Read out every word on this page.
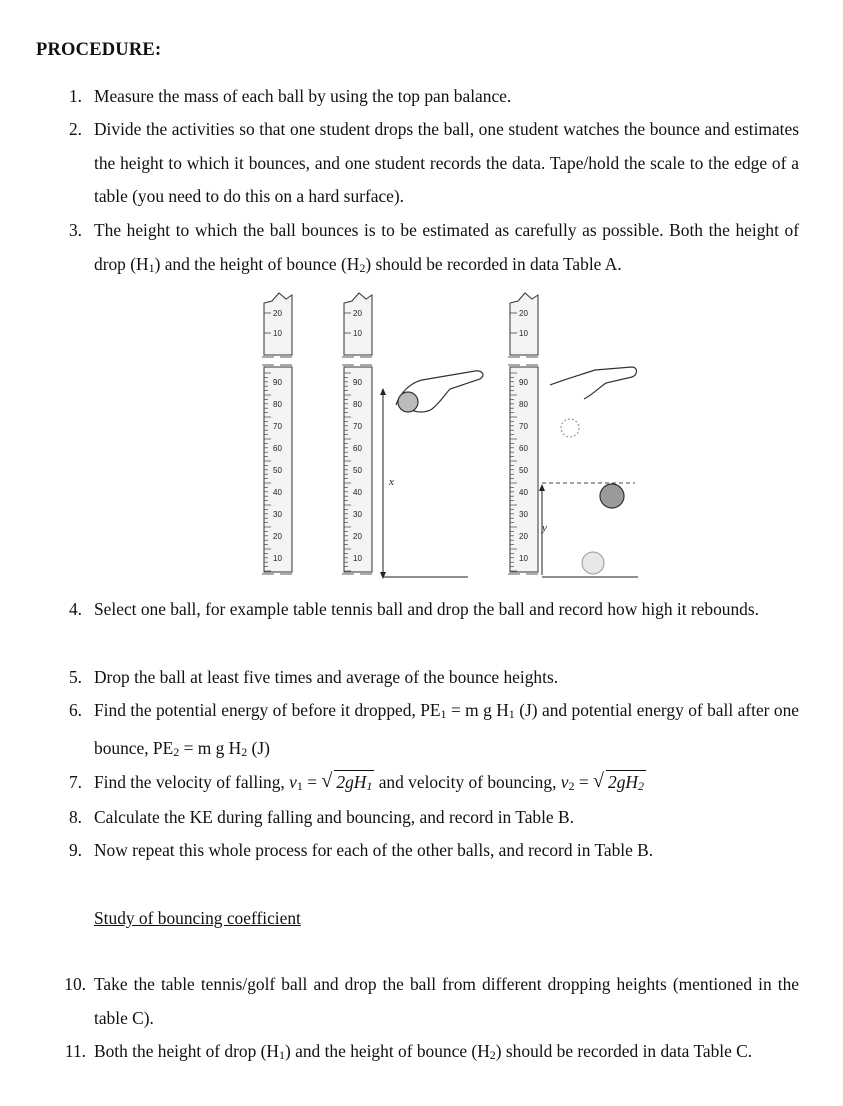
PROCEDURE:
1. Measure the mass of each ball by using the top pan balance.
2. Divide the activities so that one student drops the ball, one student watches the bounce and estimates the height to which it bounces, and one student records the data. Tape/hold the scale to the edge of a table (you need to do this on a hard surface).
3. The height to which the ball bounces is to be estimated as carefully as possible. Both the height of drop (H1) and the height of bounce (H2) should be recorded in data Table A.
20
10
90
80
70
60
50
40
30
20
10
20
10
90
80
70
60
50
40
30
20
10
20
10
90
80
70
60
50
40
30
20
10
x
y
4. Select one ball, for example table tennis ball and drop the ball and record how high it rebounds.
5. Drop the ball at least five times and average of the bounce heights.
6. Find the potential energy of before it dropped, PE1 = m g H1 (J) and potential energy of ball after one bounce, PE2 = m g H2 (J)
7. Find the velocity of falling, v1 = √ 2gH1 and velocity of bouncing, v2 = √ 2gH2
8. Calculate the KE during falling and bouncing, and record in Table B.
9. Now repeat this whole process for each of the other balls, and record in Table B.
Study of bouncing coefficient
10. Take the table tennis/golf ball and drop the ball from different dropping heights (mentioned in the table C).
11. Both the height of drop (H1) and the height of bounce (H2) should be recorded in data Table C.
